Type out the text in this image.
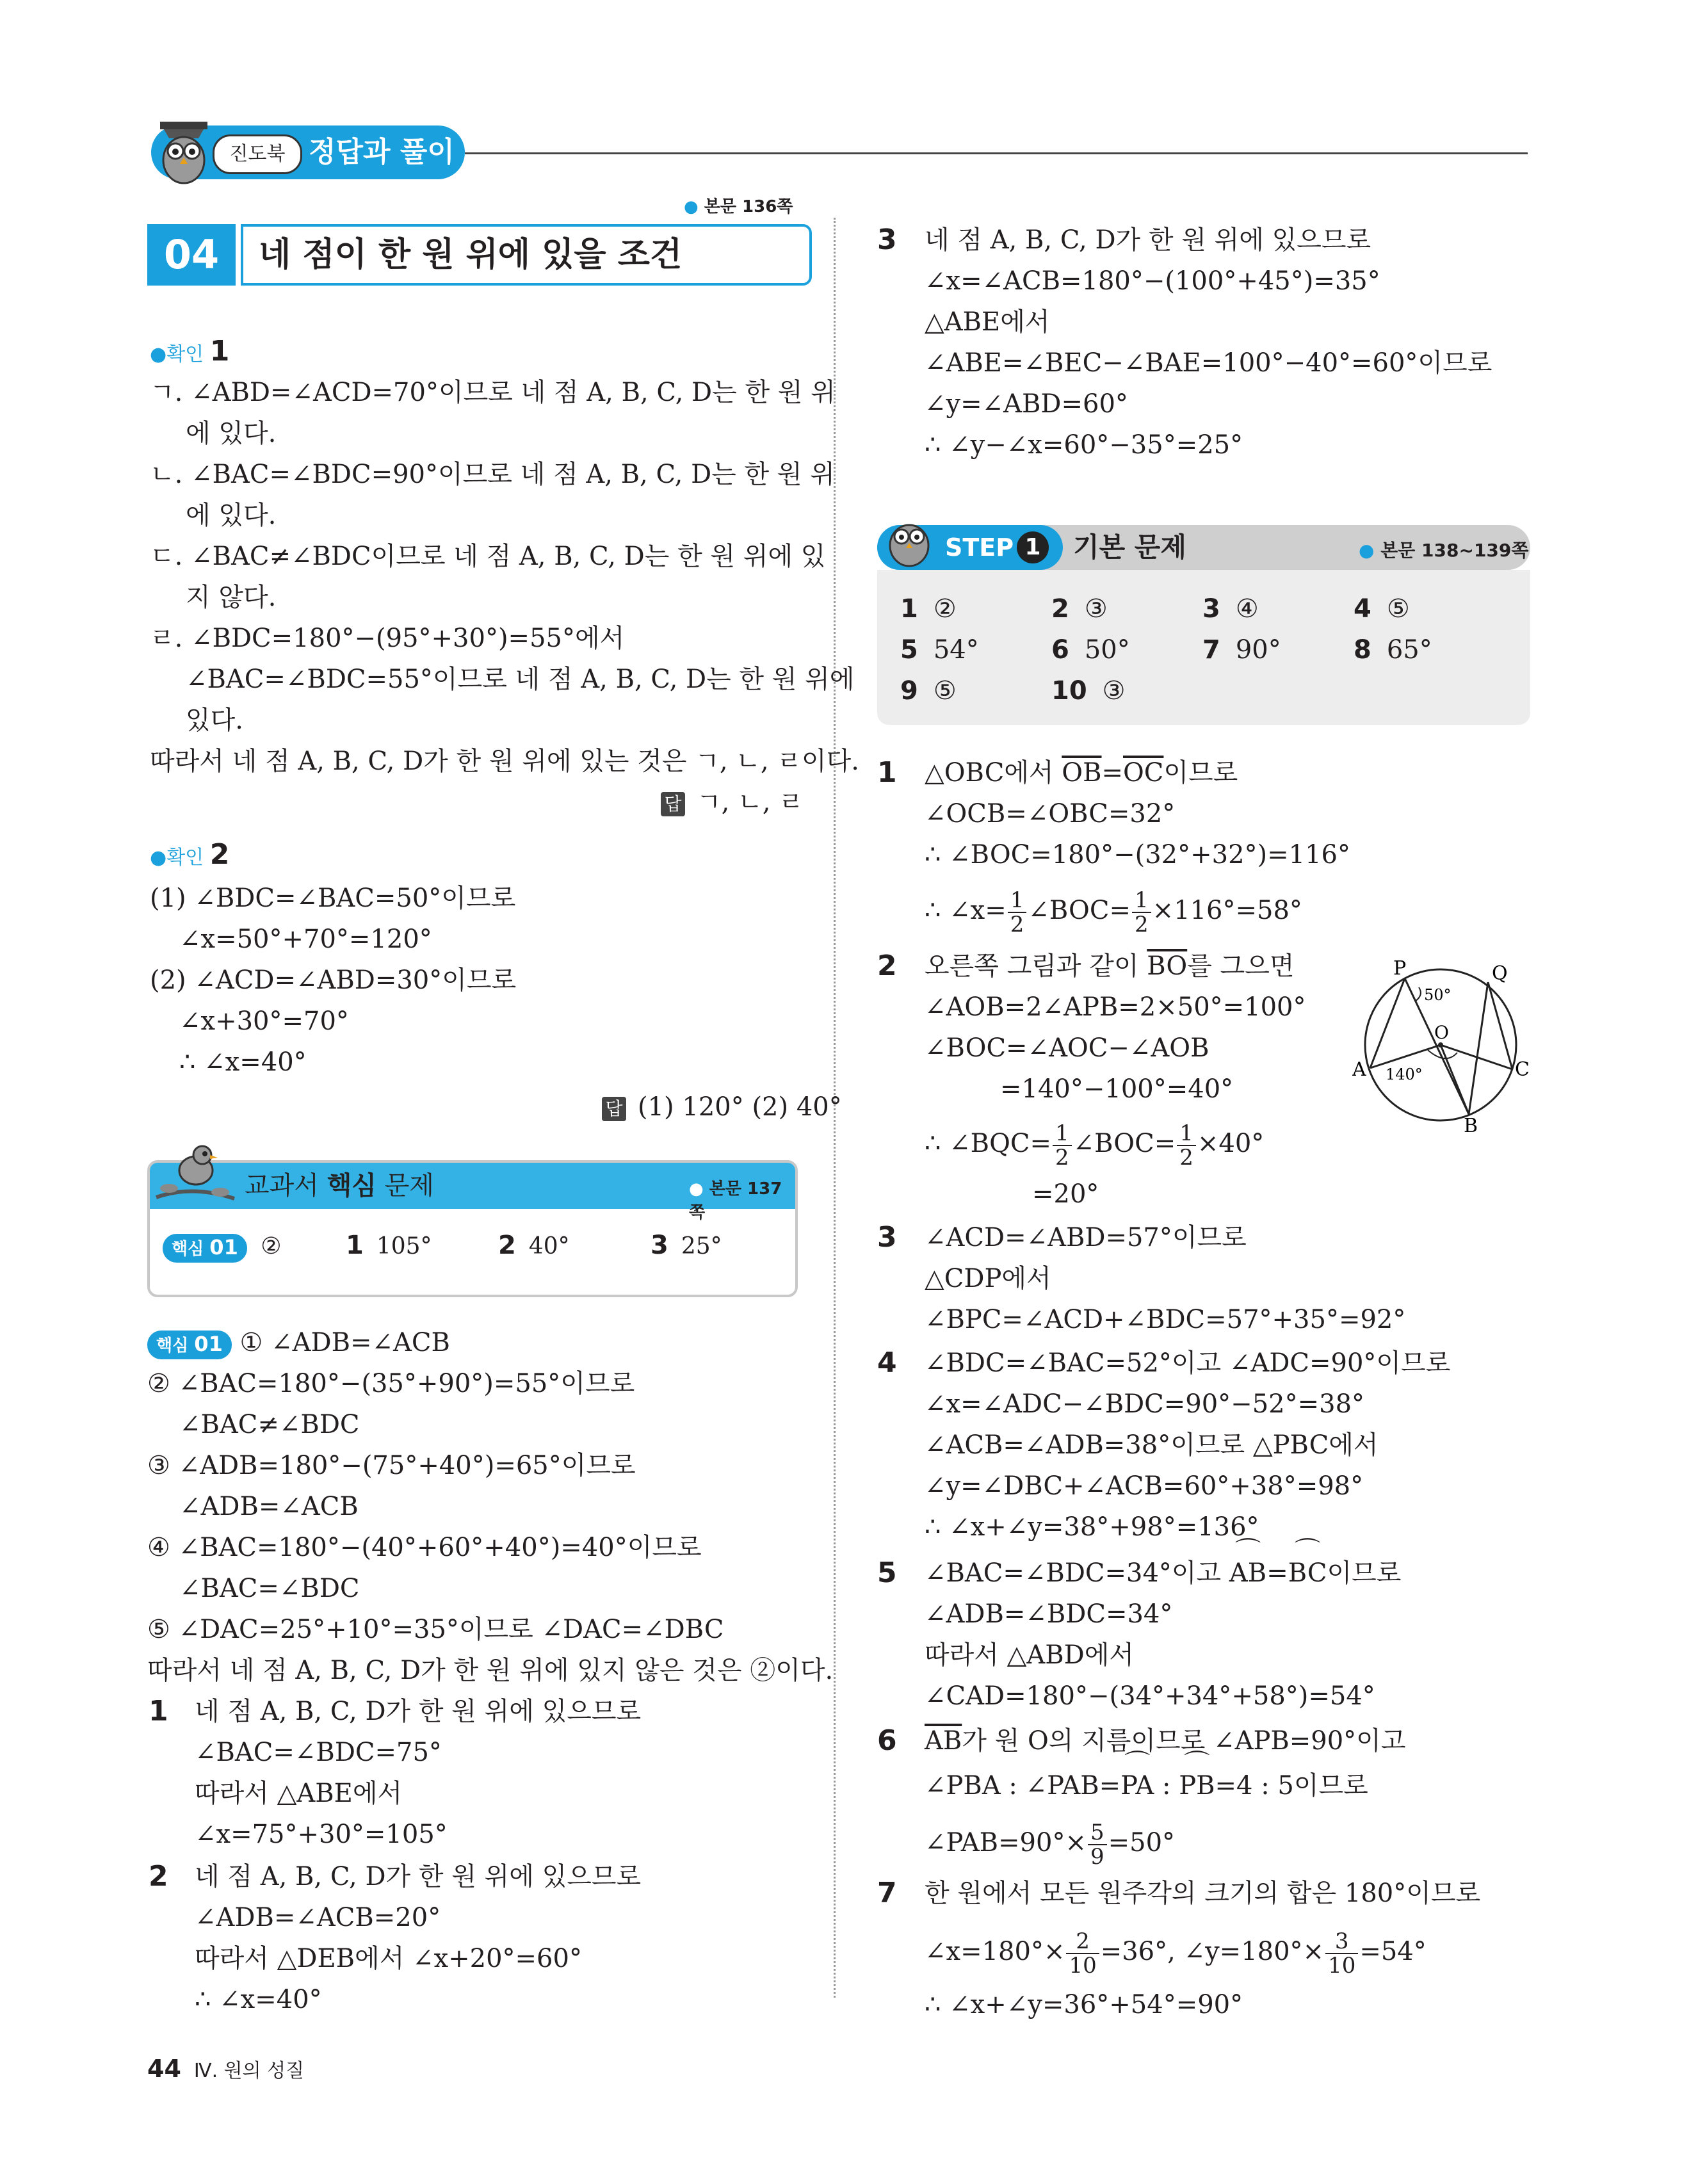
진도북 정답과 풀이
● 본문 136쪽
04	네 점이 한 원 위에 있을 조건
●확인 1
ㄱ. ∠ABD=∠ACD=70°이므로 네 점 A, B, C, D는 한 원 위
에 있다.
ㄴ. ∠BAC=∠BDC=90°이므로 네 점 A, B, C, D는 한 원 위
에 있다.
ㄷ. ∠BAC≠∠BDC이므로 네 점 A, B, C, D는 한 원 위에 있
지 않다.
ㄹ. ∠BDC=180°−(95°+30°)=55°에서
∠BAC=∠BDC=55°이므로 네 점 A, B, C, D는 한 원 위에
있다.
따라서 네 점 A, B, C, D가 한 원 위에 있는 것은 ㄱ, ㄴ, ㄹ이다.
답 ㄱ, ㄴ, ㄹ
●확인 2
(1) ∠BDC=∠BAC=50°이므로
∠x=50°+70°=120°
(2) ∠ACD=∠ABD=30°이므로
∠x+30°=70°
∴ ∠x=40°
답 (1) 120° (2) 40°
교과서 핵심 문제	● 본문 137쪽
핵심 01 ②	1 105°	2 40°	3 25°
핵심 01 ① ∠ADB=∠ACB
② ∠BAC=180°−(35°+90°)=55°이므로
∠BAC≠∠BDC
③ ∠ADB=180°−(75°+40°)=65°이므로
∠ADB=∠ACB
④ ∠BAC=180°−(40°+60°+40°)=40°이므로
∠BAC=∠BDC
⑤ ∠DAC=25°+10°=35°이므로 ∠DAC=∠DBC
따라서 네 점 A, B, C, D가 한 원 위에 있지 않은 것은 ②이다.
1 네 점 A, B, C, D가 한 원 위에 있으므로
∠BAC=∠BDC=75°
따라서 △ABE에서
∠x=75°+30°=105°
2 네 점 A, B, C, D가 한 원 위에 있으므로
∠ADB=∠ACB=20°
따라서 △DEB에서 ∠x+20°=60°
∴ ∠x=40°
44 Ⅳ. 원의 성질
3 네 점 A, B, C, D가 한 원 위에 있으므로
∠x=∠ACB=180°−(100°+45°)=35°
△ABE에서
∠ABE=∠BEC−∠BAE=100°−40°=60°이므로
∠y=∠ABD=60°
∴ ∠y−∠x=60°−35°=25°
STEP 1 기본 문제	● 본문 138~139쪽
1 ②	2 ③	3 ④	4 ⑤
5 54°	6 50°	7 90°	8 65°
9 ⑤	10 ③
1 △OBC에서 $\overline{OB}=\overline{OC}$이므로
∠OCB=∠OBC=32°
∴ ∠BOC=180°−(32°+32°)=116°
∴ ∠x= $\frac{1}{2}$ ∠BOC= $\frac{1}{2} \times 116^\circ=58^\circ$
2 오른쪽 그림과 같이 $\overline{BO}$를 그으면
∠AOB=2∠APB=2×50°=100°
∠BOC=∠AOC−∠AOB
=140°−100°=40°
∴ ∠BQC= $\frac{1}{2}$ ∠BOC= $\frac{1}{2} \times 40^\circ$
=20°
P	Q
O
A
B
C
50°
140°
3 ∠ACD=∠ABD=57°이므로
△CDP에서
∠BPC=∠ACD+∠BDC=57°+35°=92°
4 ∠BDC=∠BAC=52°이고 ∠ADC=90°이므로
∠x=∠ADC−∠BDC=90°−52°=38°
∠ACB=∠ADB=38°이므로 △PBC에서
∠y=∠DBC+∠ACB=60°+38°=98°
∴ ∠x+∠y=38°+98°=136°
5 ∠BAC=∠BDC=34°이고 ⌒ AB=⌒ BC이므로
∠ADB=∠BDC=34°
따라서 △ABD에서
∠CAD=180°−(34°+34°+58°)=54°
6 $\overline{AB}$가 원 O의 지름이므로 ∠APB=90°이고
∠PBA : ∠PAB=⌒ PA : ⌒ PB=4 : 5이므로
∠PAB=90°× $\frac{5}{9} =50^\circ$
7 한 원에서 모든 원주각의 크기의 합은 180°이므로
∠x=180°× $\frac{2}{10} =36^\circ$, ∠y=180°× $\frac{3}{10} =54^\circ$
∴ ∠x+∠y=36°+54°=90°
